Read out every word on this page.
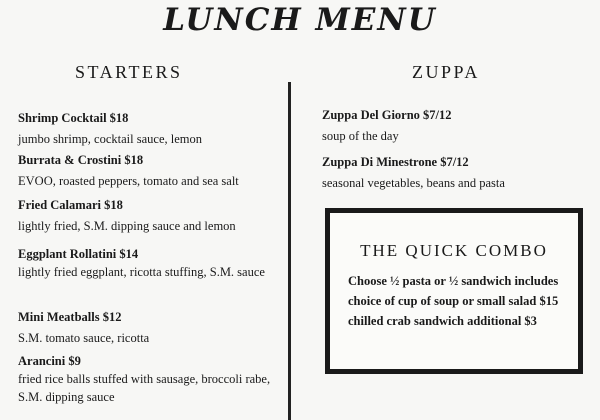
LUNCH MENU
STARTERS	ZUPPA
Shrimp Cocktail $18
jumbo shrimp, cocktail sauce, lemon
Burrata & Crostini $18
EVOO, roasted peppers, tomato and sea salt
Fried Calamari $18
lightly fried, S.M. dipping sauce and lemon
Eggplant Rollatini $14
lightly fried eggplant, ricotta stuffing, S.M. sauce
Mini Meatballs $12
S.M. tomato sauce, ricotta
Arancini $9
fried rice balls stuffed with sausage, broccoli rabe, S.M. dipping sauce
Zuppa Del Giorno $7/12
soup of the day
Zuppa Di Minestrone $7/12
seasonal vegetables, beans and pasta
THE QUICK COMBO
Choose ½ pasta or ½ sandwich includes
choice of cup of soup or small salad $15
chilled crab sandwich additional $3
